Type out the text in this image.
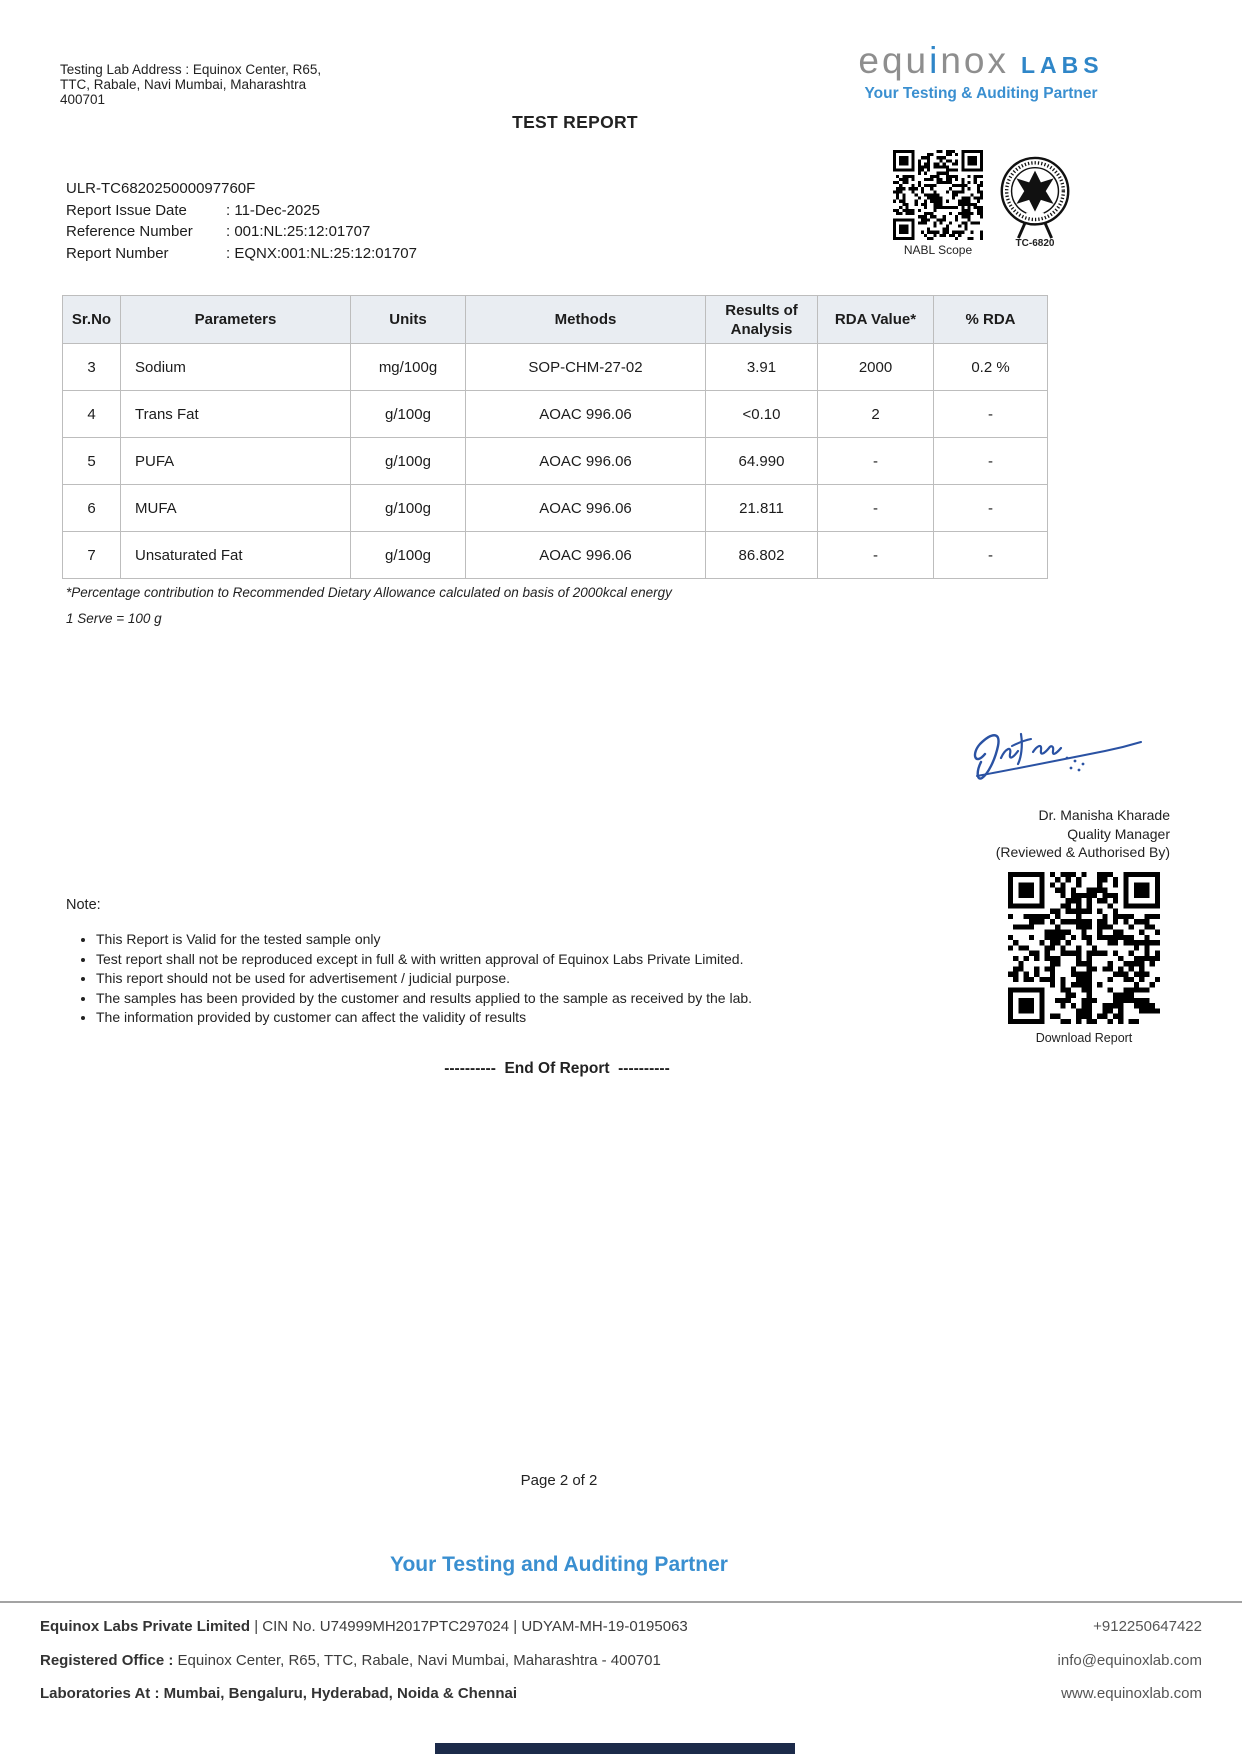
Testing Lab Address : Equinox Center, R65,
TTC, Rabale, Navi Mumbai, Maharashtra
400701
TEST REPORT
equinox LABS
Your Testing & Auditing Partner
NABL Scope	TC-6820
ULR-TC682025000097760F
Report Issue Date	: 11-Dec-2025
Reference Number : 001:NL:25:12:01707
Report Number	: EQNX:001:NL:25:12:01707
Sr.No	Parameters	Units	Methods	Results of Analysis	RDA Value*	% RDA
3	Sodium	mg/100g	SOP-CHM-27-02	3.91	2000	0.2 %
4	Trans Fat	g/100g	AOAC 996.06	<0.10	2	-
5	PUFA	g/100g	AOAC 996.06	64.990	-	-
6	MUFA	g/100g	AOAC 996.06	21.811	-	-
7	Unsaturated Fat	g/100g	AOAC 996.06	86.802	-	-
*Percentage contribution to Recommended Dietary Allowance calculated on basis of 2000kcal energy
1 Serve = 100 g
Dr. Manisha Kharade
Quality Manager
(Reviewed & Authorised By)
Download Report
Note:
• This Report is Valid for the tested sample only
• Test report shall not be reproduced except in full & with written approval of Equinox Labs Private Limited.
• This report should not be used for advertisement / judicial purpose.
• The samples has been provided by the customer and results applied to the sample as received by the lab.
• The information provided by customer can affect the validity of results
----------  End Of Report  ----------
Page 2 of 2
Your Testing and Auditing Partner
Equinox Labs Private Limited | CIN No. U74999MH2017PTC297024 | UDYAM-MH-19-0195063	+912250647422
Registered Office : Equinox Center, R65, TTC, Rabale, Navi Mumbai, Maharashtra - 400701	info@equinoxlab.com
Laboratories At : Mumbai, Bengaluru, Hyderabad, Noida & Chennai	www.equinoxlab.com
